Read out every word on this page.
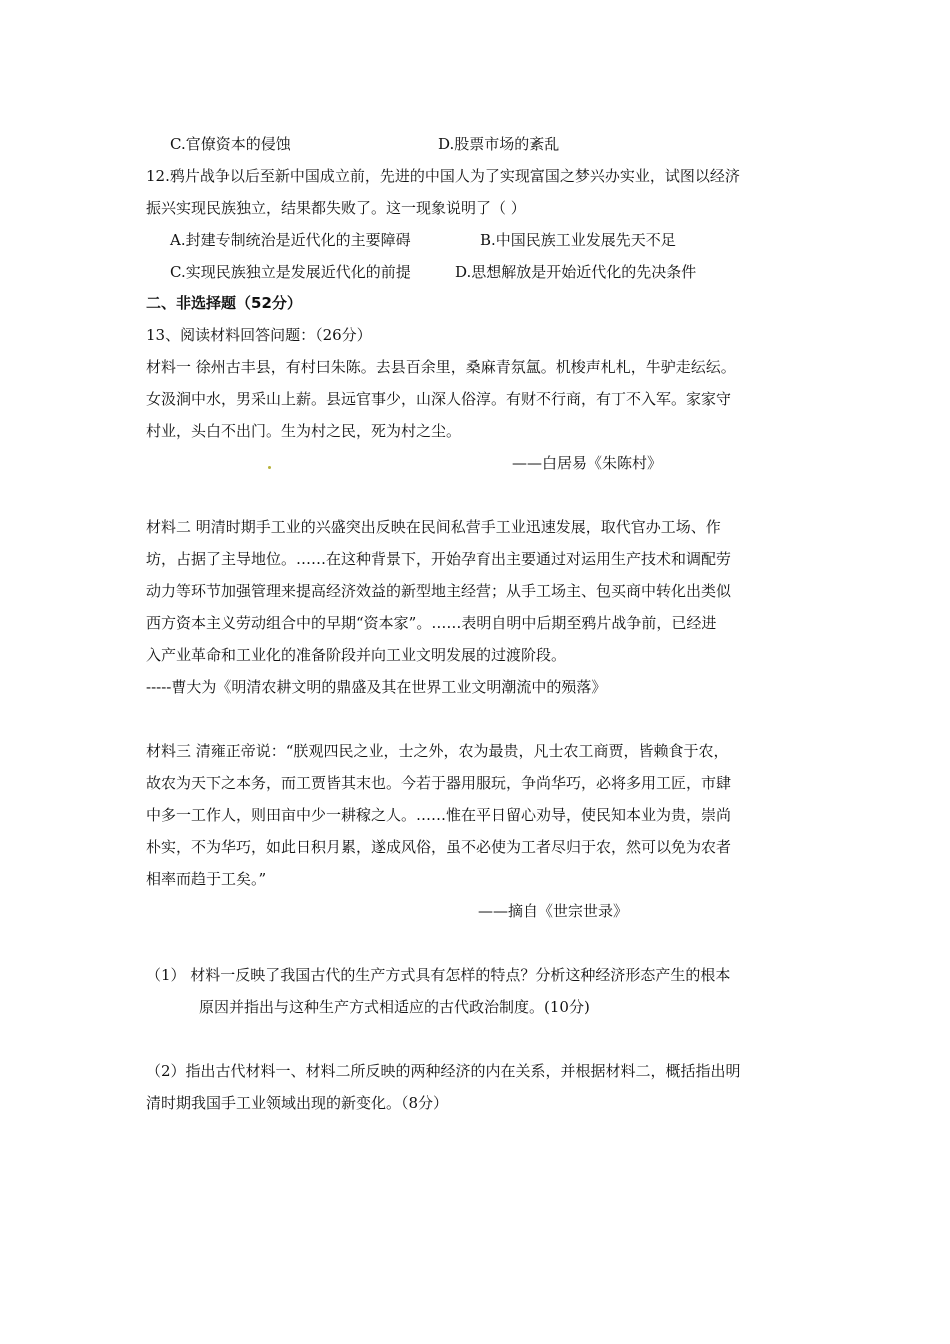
C.官僚资本的侵蚀	D.股票市场的紊乱
12.鸦片战争以后至新中国成立前，先进的中国人为了实现富国之梦兴办实业，试图以经济
振兴实现民族独立，结果都失败了。这一现象说明了（ ）
A.封建专制统治是近代化的主要障碍	B.中国民族工业发展先天不足
C.实现民族独立是发展近代化的前提	D.思想解放是开始近代化的先决条件
二、非选择题（52分）
13、阅读材料回答问题：（26分）
材料一 徐州古丰县，有村曰朱陈。去县百余里，桑麻青氛氲。机梭声札札，牛驴走纭纭。
女汲涧中水，男采山上薪。县远官事少，山深人俗淳。有财不行商，有丁不入军。家家守
村业，头白不出门。生为村之民，死为村之尘。
——白居易《朱陈村》
材料二 明清时期手工业的兴盛突出反映在民间私营手工业迅速发展，取代官办工场、作
坊，占据了主导地位。……在这种背景下，开始孕育出主要通过对运用生产技术和调配劳
动力等环节加强管理来提高经济效益的新型地主经营；从手工场主、包买商中转化出类似
西方资本主义劳动组合中的早期“资本家”。……表明自明中后期至鸦片战争前，已经进
入产业革命和工业化的准备阶段并向工业文明发展的过渡阶段。
-----曹大为《明清农耕文明的鼎盛及其在世界工业文明潮流中的殒落》
材料三 清雍正帝说：“朕观四民之业，士之外，农为最贵，凡士农工商贾，皆赖食于农，
故农为天下之本务，而工贾皆其末也。今若于器用服玩，争尚华巧，必将多用工匠，市肆
中多一工作人，则田亩中少一耕稼之人。……惟在平日留心劝导，使民知本业为贵，崇尚
朴实，不为华巧，如此日积月累，遂成风俗，虽不必使为工者尽归于农，然可以免为农者
相率而趋于工矣。”
——摘自《世宗世录》
（1） 材料一反映了我国古代的生产方式具有怎样的特点？分析这种经济形态产生的根本
原因并指出与这种生产方式相适应的古代政治制度。(10分)
（2）指出古代材料一、材料二所反映的两种经济的内在关系，并根据材料二，概括指出明
清时期我国手工业领域出现的新变化。（8分）
